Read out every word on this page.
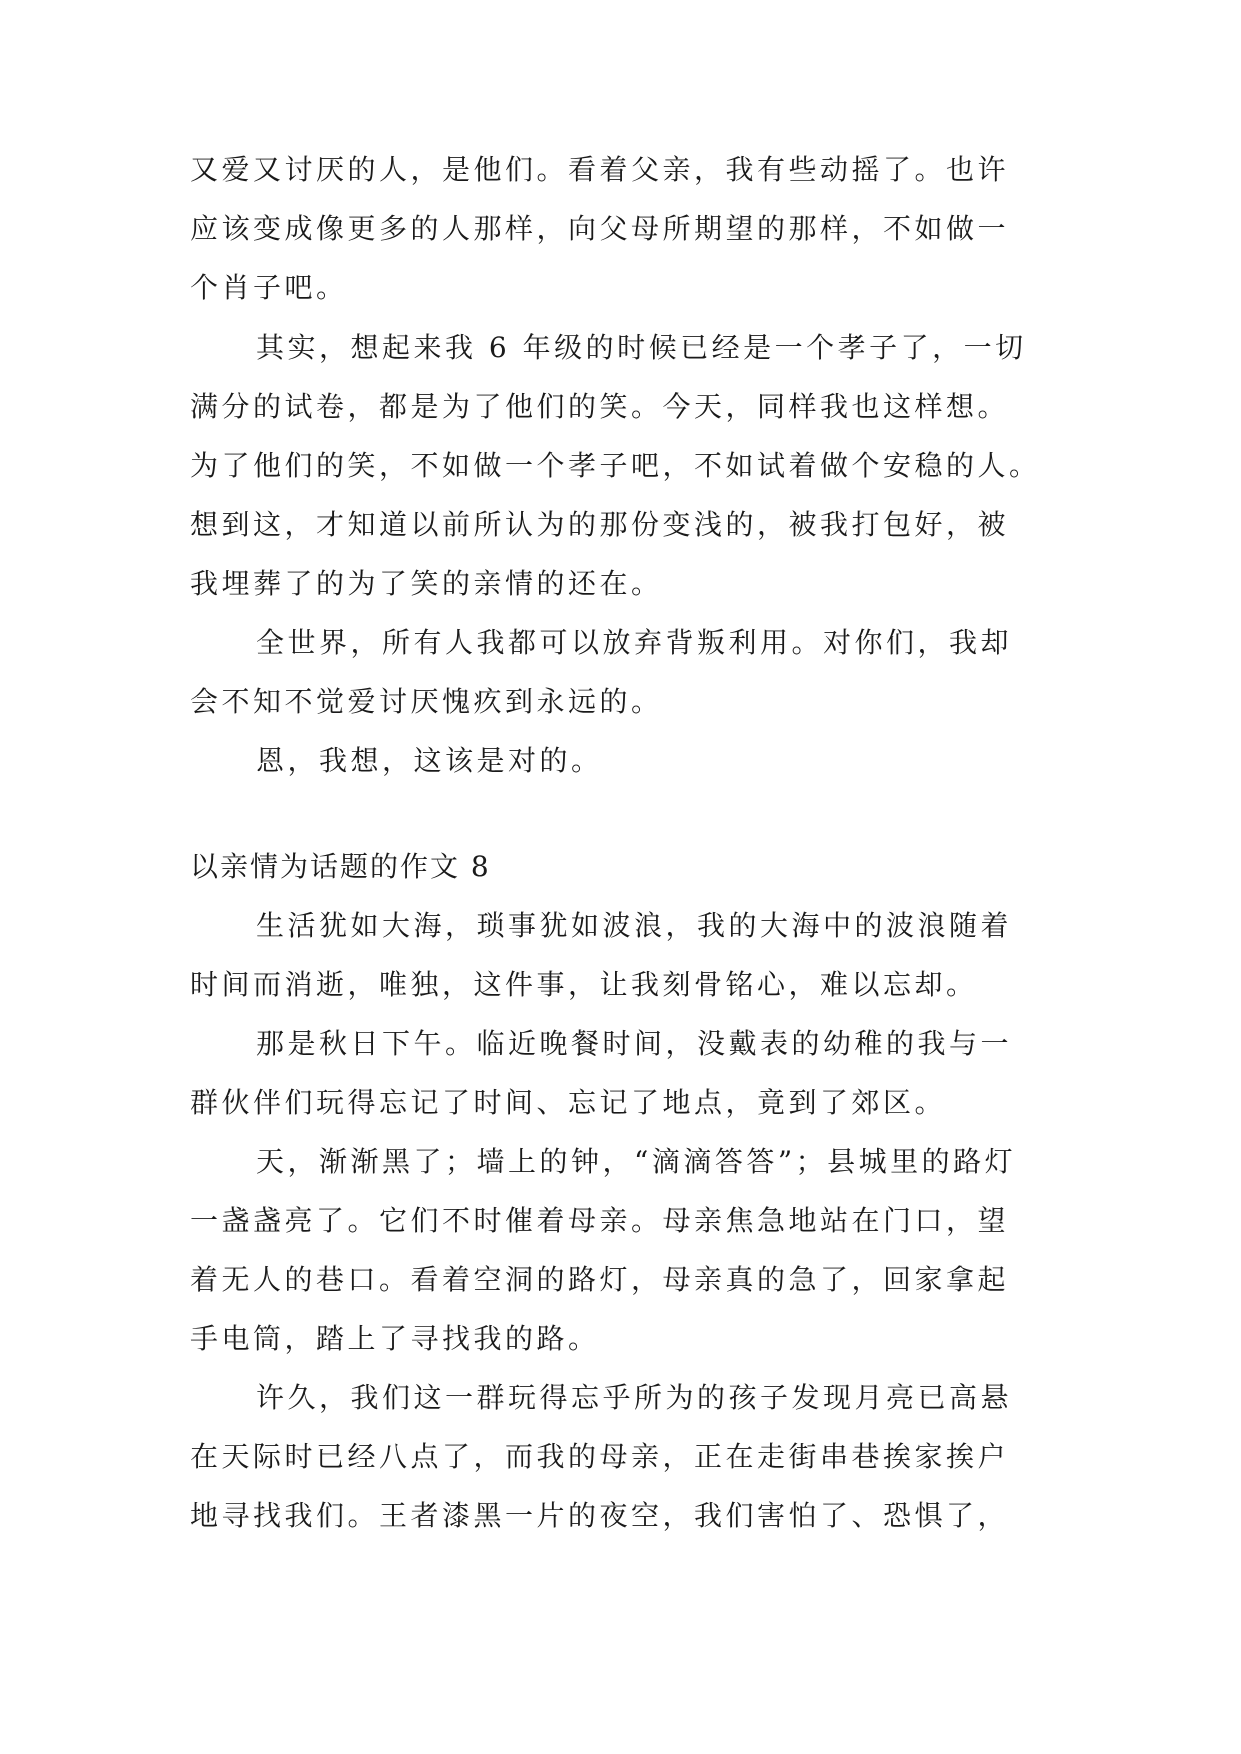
又爱又讨厌的人，是他们。看着父亲，我有些动摇了。也许
应该变成像更多的人那样，向父母所期望的那样，不如做一
个肖子吧。
其实，想起来我 6 年级的时候已经是一个孝子了，一切
满分的试卷，都是为了他们的笑。今天，同样我也这样想。
为了他们的笑，不如做一个孝子吧，不如试着做个安稳的人。
想到这，才知道以前所认为的那份变浅的，被我打包好，被
我埋葬了的为了笑的亲情的还在。
全世界，所有人我都可以放弃背叛利用。对你们，我却
会不知不觉爱讨厌愧疚到永远的。
恩，我想，这该是对的。
以亲情为话题的作文 8
生活犹如大海，琐事犹如波浪，我的大海中的波浪随着
时间而消逝，唯独，这件事，让我刻骨铭心，难以忘却。
那是秋日下午。临近晚餐时间，没戴表的幼稚的我与一
群伙伴们玩得忘记了时间、忘记了地点，竟到了郊区。
天，渐渐黑了；墙上的钟，“滴滴答答”；县城里的路灯
一盏盏亮了。它们不时催着母亲。母亲焦急地站在门口，望
着无人的巷口。看着空洞的路灯，母亲真的急了，回家拿起
手电筒，踏上了寻找我的路。
许久，我们这一群玩得忘乎所为的孩子发现月亮已高悬
在天际时已经八点了，而我的母亲，正在走街串巷挨家挨户
地寻找我们。王者漆黑一片的夜空，我们害怕了、恐惧了，
